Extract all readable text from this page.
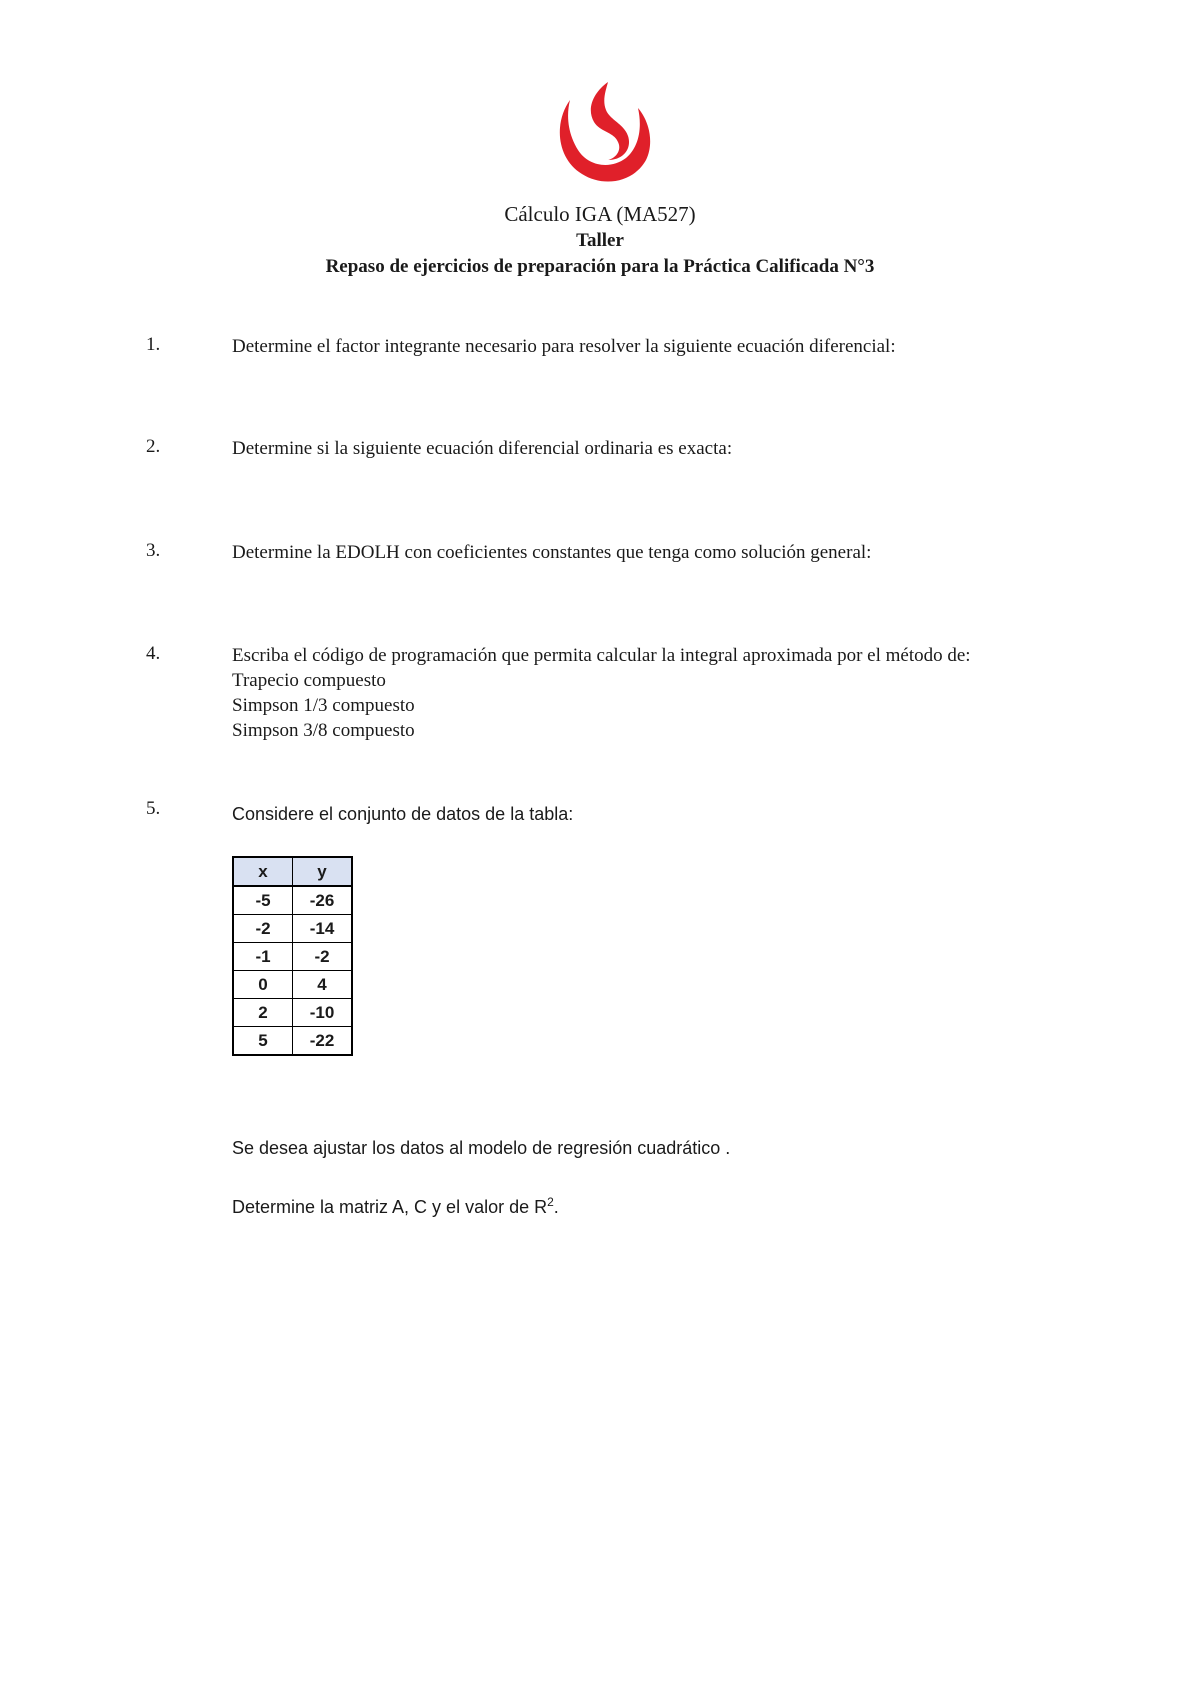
Cálculo IGA (MA527)
Taller
Repaso de ejercicios de preparación para la Práctica Calificada N°3
1.	Determine el factor integrante necesario para resolver la siguiente ecuación diferencial:
2.	Determine si la siguiente ecuación diferencial ordinaria es exacta:
3.	Determine la EDOLH con coeficientes constantes que tenga como solución general:
4.	Escriba el código de programación que permita calcular la integral aproximada por el método de:
Trapecio compuesto
Simpson 1/3 compuesto
Simpson 3/8 compuesto
5.	Considere el conjunto de datos de la tabla:
x	y
-5	-26
-2	-14
-1	-2
0	4
2	-10
5	-22
Se desea ajustar los datos al modelo de regresión cuadrático .
Determine la matriz A, C y el valor de $R^2$.
